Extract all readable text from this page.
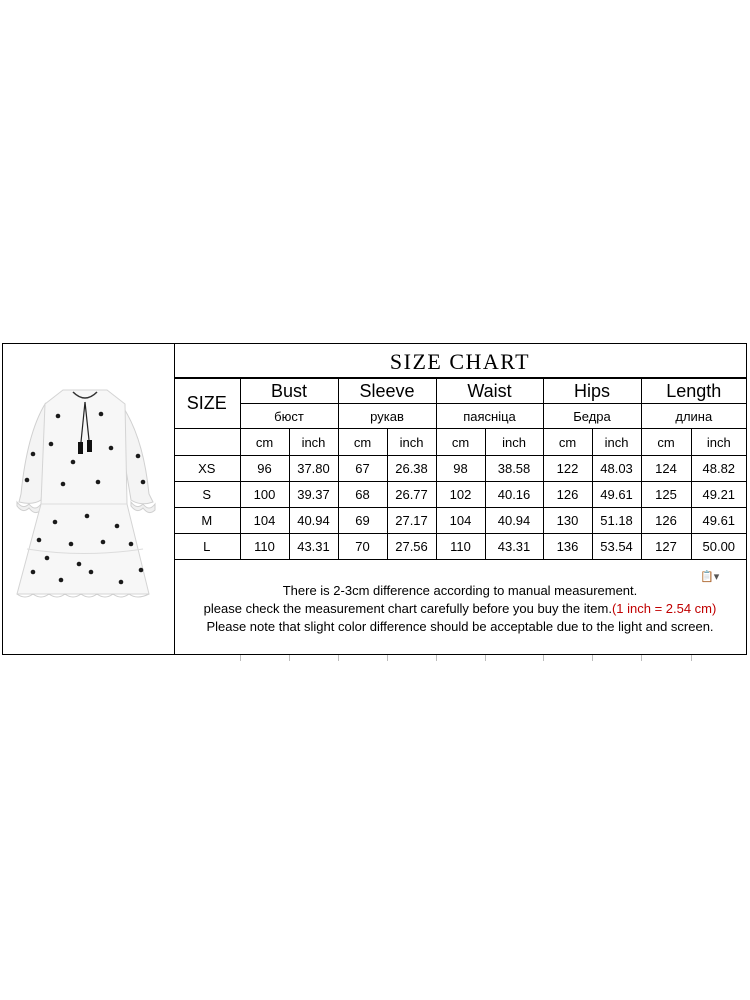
SIZE CHART
SIZE	Bust		Sleeve		Waist		Hips		Length	
	бюст		рукав		паясніца		Бедра		длина	
	cm	inch	cm	inch	cm	inch	cm	inch	cm	inch
XS	96	37.80	67	26.38	98	38.58	122	48.03	124	48.82
S	100	39.37	68	26.77	102	40.16	126	49.61	125	49.21
M	104	40.94	69	27.17	104	40.94	130	51.18	126	49.61
L	110	43.31	70	27.56	110	43.31	136	53.54	127	50.00
📋▾
There is 2-3cm difference according to manual measurement.
please check the measurement chart carefully before you buy the item.(1 inch = 2.54 cm)
Please note that slight color difference should be acceptable due to the light and screen.
